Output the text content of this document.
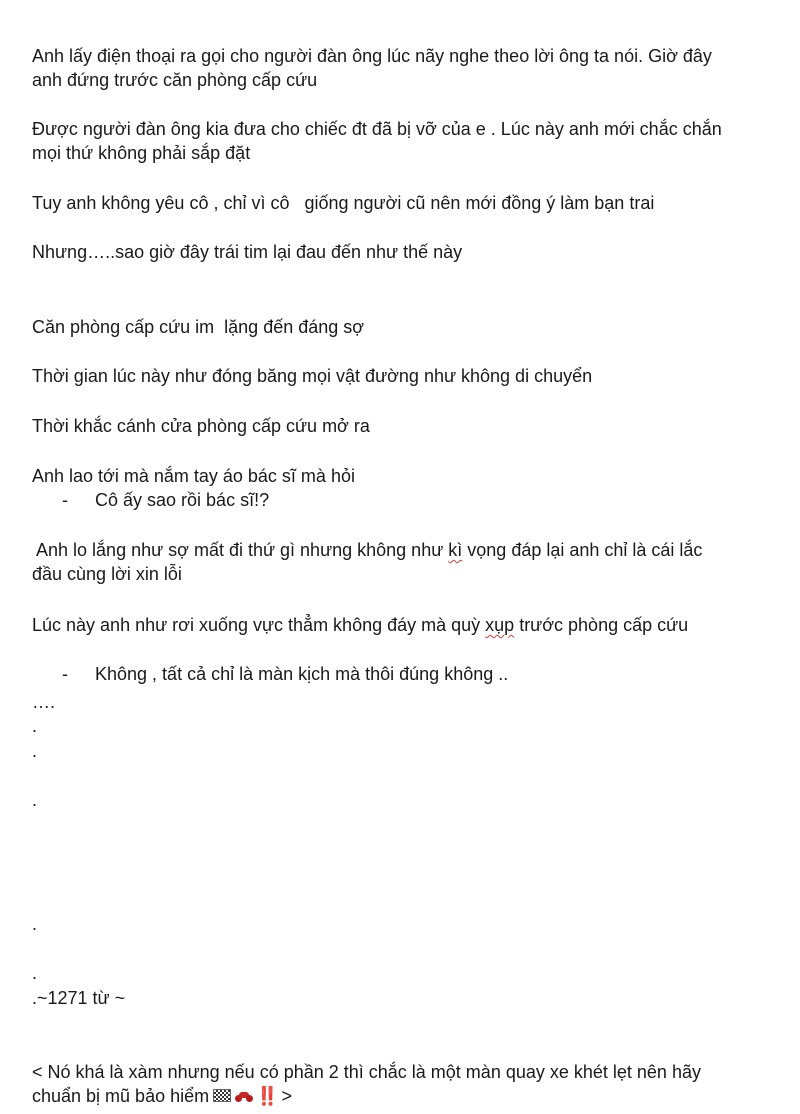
Anh lấy điện thoại ra gọi cho người đàn ông lúc nãy nghe theo lời ông ta nói. Giờ đây
anh đứng trước căn phòng cấp cứu
Được người đàn ông kia đưa cho chiếc đt đã bị vỡ của e . Lúc này anh mới chắc chắn
mọi thứ không phải sắp đặt
Tuy anh không yêu cô , chỉ vì cô   giống người cũ nên mới đồng ý làm bạn trai
Nhưng…..sao giờ đây trái tim lại đau đến như thế này
Căn phòng cấp cứu im  lặng đến đáng sợ
Thời gian lúc này như đóng băng mọi vật đường như không di chuyển
Thời khắc cánh cửa phòng cấp cứu mở ra
Anh lao tới mà nắm tay áo bác sĩ mà hỏi
- Cô ấy sao rồi bác sĩ!?
Anh lo lắng như sợ mất đi thứ gì nhưng không như kì vọng đáp lại anh chỉ là cái lắc
đầu cùng lời xin lỗi
Lúc này anh như rơi xuống vực thẳm không đáy mà quỳ xụp trước phòng cấp cứu
- Không , tất cả chỉ là màn kịch mà thôi đúng không ..
….
.
.
.
.
.
.~1271 từ ~
< Nó khá là xàm nhưng nếu có phần 2 thì chắc là một màn quay xe khét lẹt nên hãy
chuẩn bị mũ bảo hiểm	‼️ >
